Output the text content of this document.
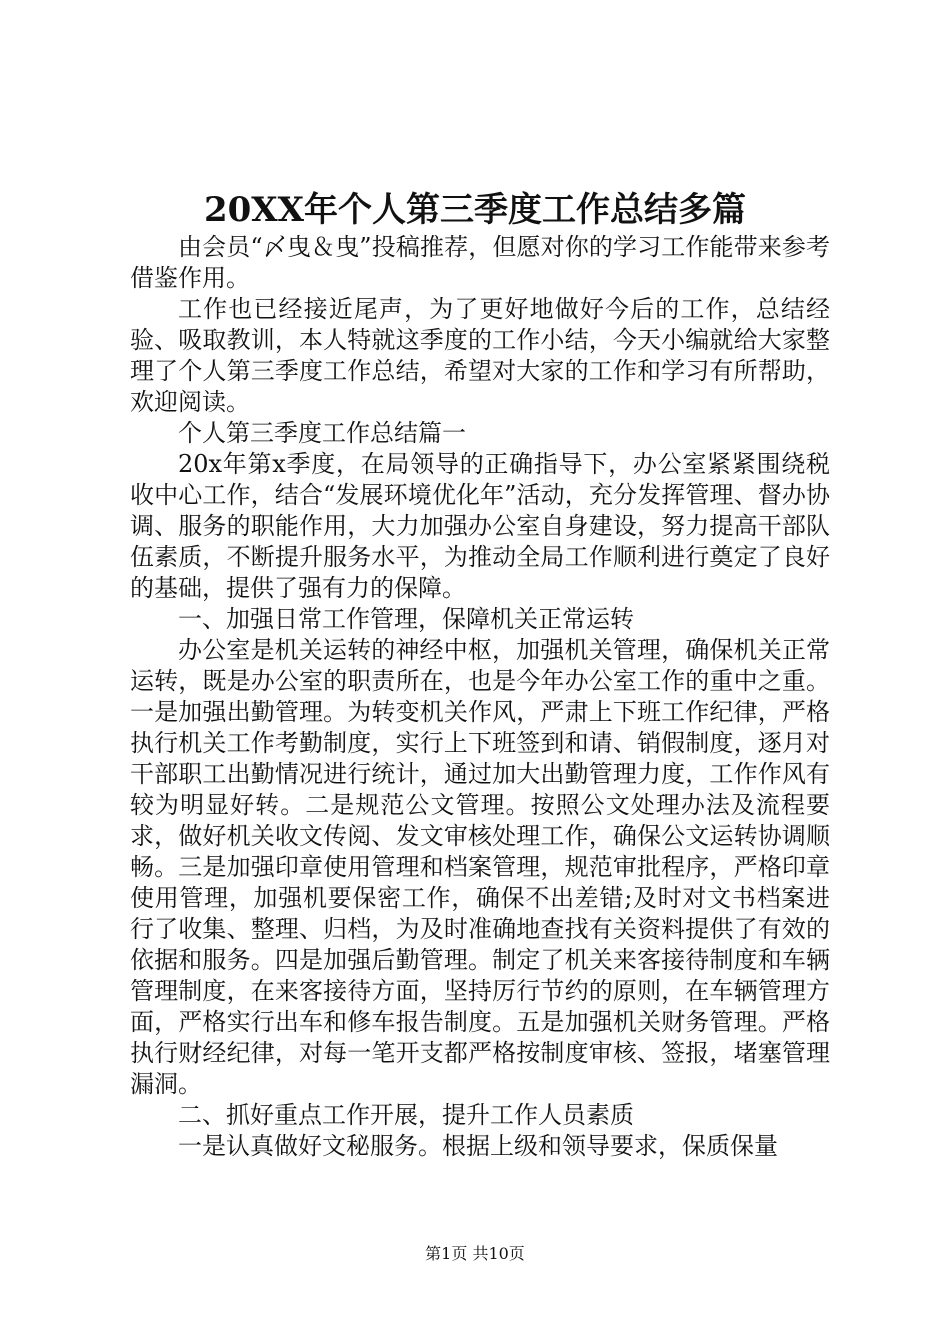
20XX年个人第三季度工作总结多篇

由会员“〆曳＆曳”投稿推荐，但愿对你的学习工作能带来参考借鉴作用。

工作也已经接近尾声，为了更好地做好今后的工作，总结经验、吸取教训，本人特就这季度的工作小结，今天小编就给大家整理了个人第三季度工作总结，希望对大家的工作和学习有所帮助，欢迎阅读。

个人第三季度工作总结篇一

20x年第x季度，在局领导的正确指导下，办公室紧紧围绕税收中心工作，结合“发展环境优化年”活动，充分发挥管理、督办协调、服务的职能作用，大力加强办公室自身建设，努力提高干部队伍素质，不断提升服务水平，为推动全局工作顺利进行奠定了良好的基础，提供了强有力的保障。

一、加强日常工作管理，保障机关正常运转

办公室是机关运转的神经中枢，加强机关管理，确保机关正常运转，既是办公室的职责所在，也是今年办公室工作的重中之重。一是加强出勤管理。为转变机关作风，严肃上下班工作纪律，严格执行机关工作考勤制度，实行上下班签到和请、销假制度，逐月对干部职工出勤情况进行统计，通过加大出勤管理力度，工作作风有较为明显好转。二是规范公文管理。按照公文处理办法及流程要求，做好机关收文传阅、发文审核处理工作，确保公文运转协调顺畅。三是加强印章使用管理和档案管理，规范审批程序，严格印章使用管理，加强机要保密工作，确保不出差错;及时对文书档案进行了收集、整理、归档，为及时准确地查找有关资料提供了有效的依据和服务。四是加强后勤管理。制定了机关来客接待制度和车辆管理制度，在来客接待方面，坚持厉行节约的原则，在车辆管理方面，严格实行出车和修车报告制度。五是加强机关财务管理。严格执行财经纪律，对每一笔开支都严格按制度审核、签报，堵塞管理漏洞。

二、抓好重点工作开展，提升工作人员素质

一是认真做好文秘服务。根据上级和领导要求，保质保量

第1页 共10页
